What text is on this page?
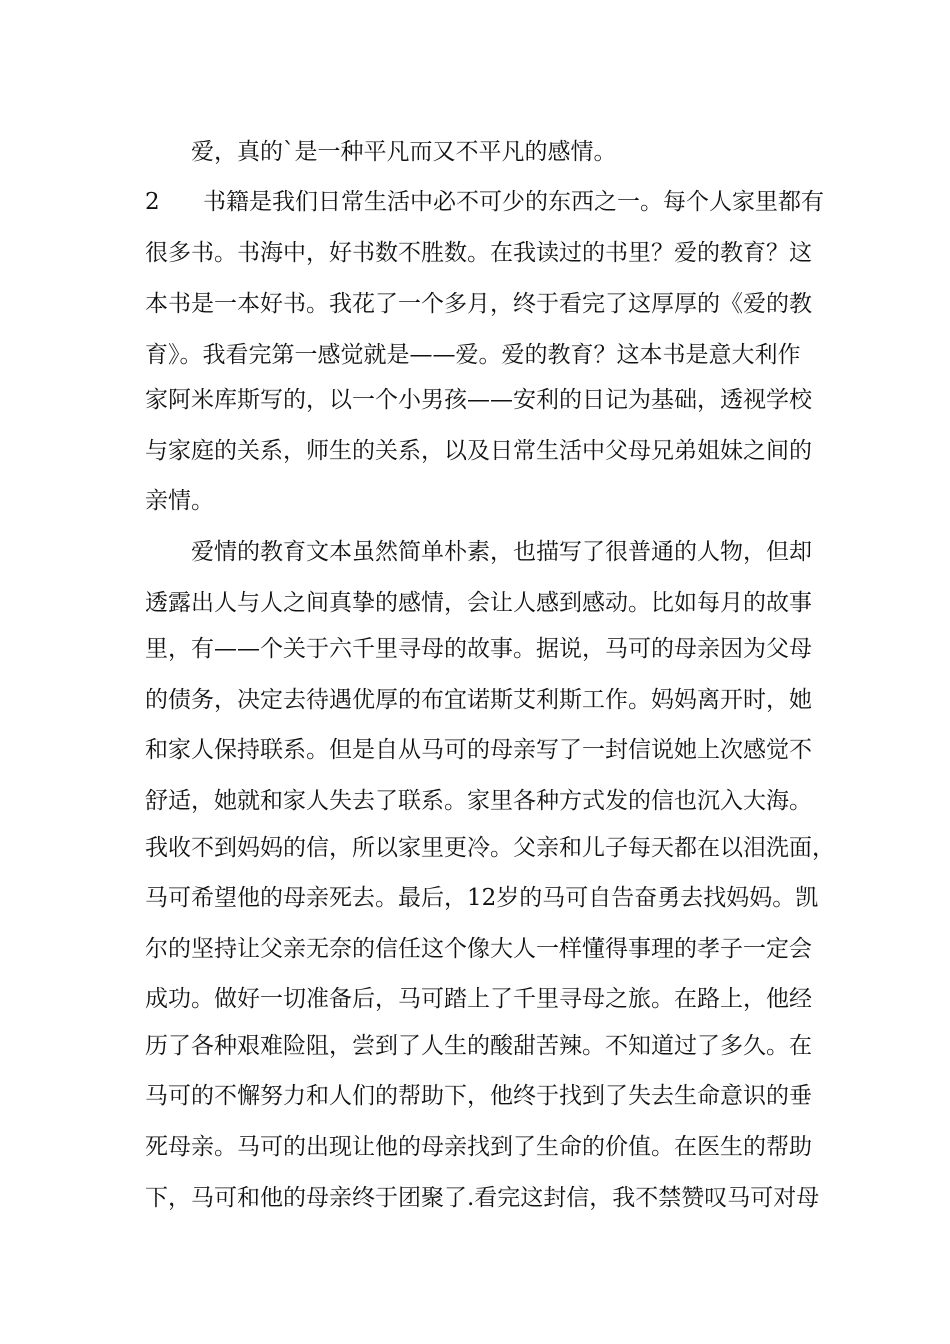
爱，真的`是一种平凡而又不平凡的感情。
2 书籍是我们日常生活中必不可少的东西之一。每个人家里都有
很多书。书海中，好书数不胜数。在我读过的书里？爱的教育？这
本书是一本好书。我花了一个多月，终于看完了这厚厚的《爱的教
育》。我看完第一感觉就是——爱。爱的教育？这本书是意大利作
家阿米库斯写的，以一个小男孩——安利的日记为基础，透视学校
与家庭的关系，师生的关系，以及日常生活中父母兄弟姐妹之间的
亲情。
爱情的教育文本虽然简单朴素，也描写了很普通的人物，但却
透露出人与人之间真挚的感情，会让人感到感动。比如每月的故事
里，有——个关于六千里寻母的故事。据说，马可的母亲因为父母
的债务，决定去待遇优厚的布宜诺斯艾利斯工作。妈妈离开时，她
和家人保持联系。但是自从马可的母亲写了一封信说她上次感觉不
舒适，她就和家人失去了联系。家里各种方式发的信也沉入大海。
我收不到妈妈的信，所以家里更冷。父亲和儿子每天都在以泪洗面，
马可希望他的母亲死去。最后，12岁的马可自告奋勇去找妈妈。凯
尔的坚持让父亲无奈的信任这个像大人一样懂得事理的孝子一定会
成功。做好一切准备后，马可踏上了千里寻母之旅。在路上，他经
历了各种艰难险阻，尝到了人生的酸甜苦辣。不知道过了多久。在
马可的不懈努力和人们的帮助下，他终于找到了失去生命意识的垂
死母亲。马可的出现让他的母亲找到了生命的价值。在医生的帮助
下，马可和他的母亲终于团聚了.看完这封信，我不禁赞叹马可对母
